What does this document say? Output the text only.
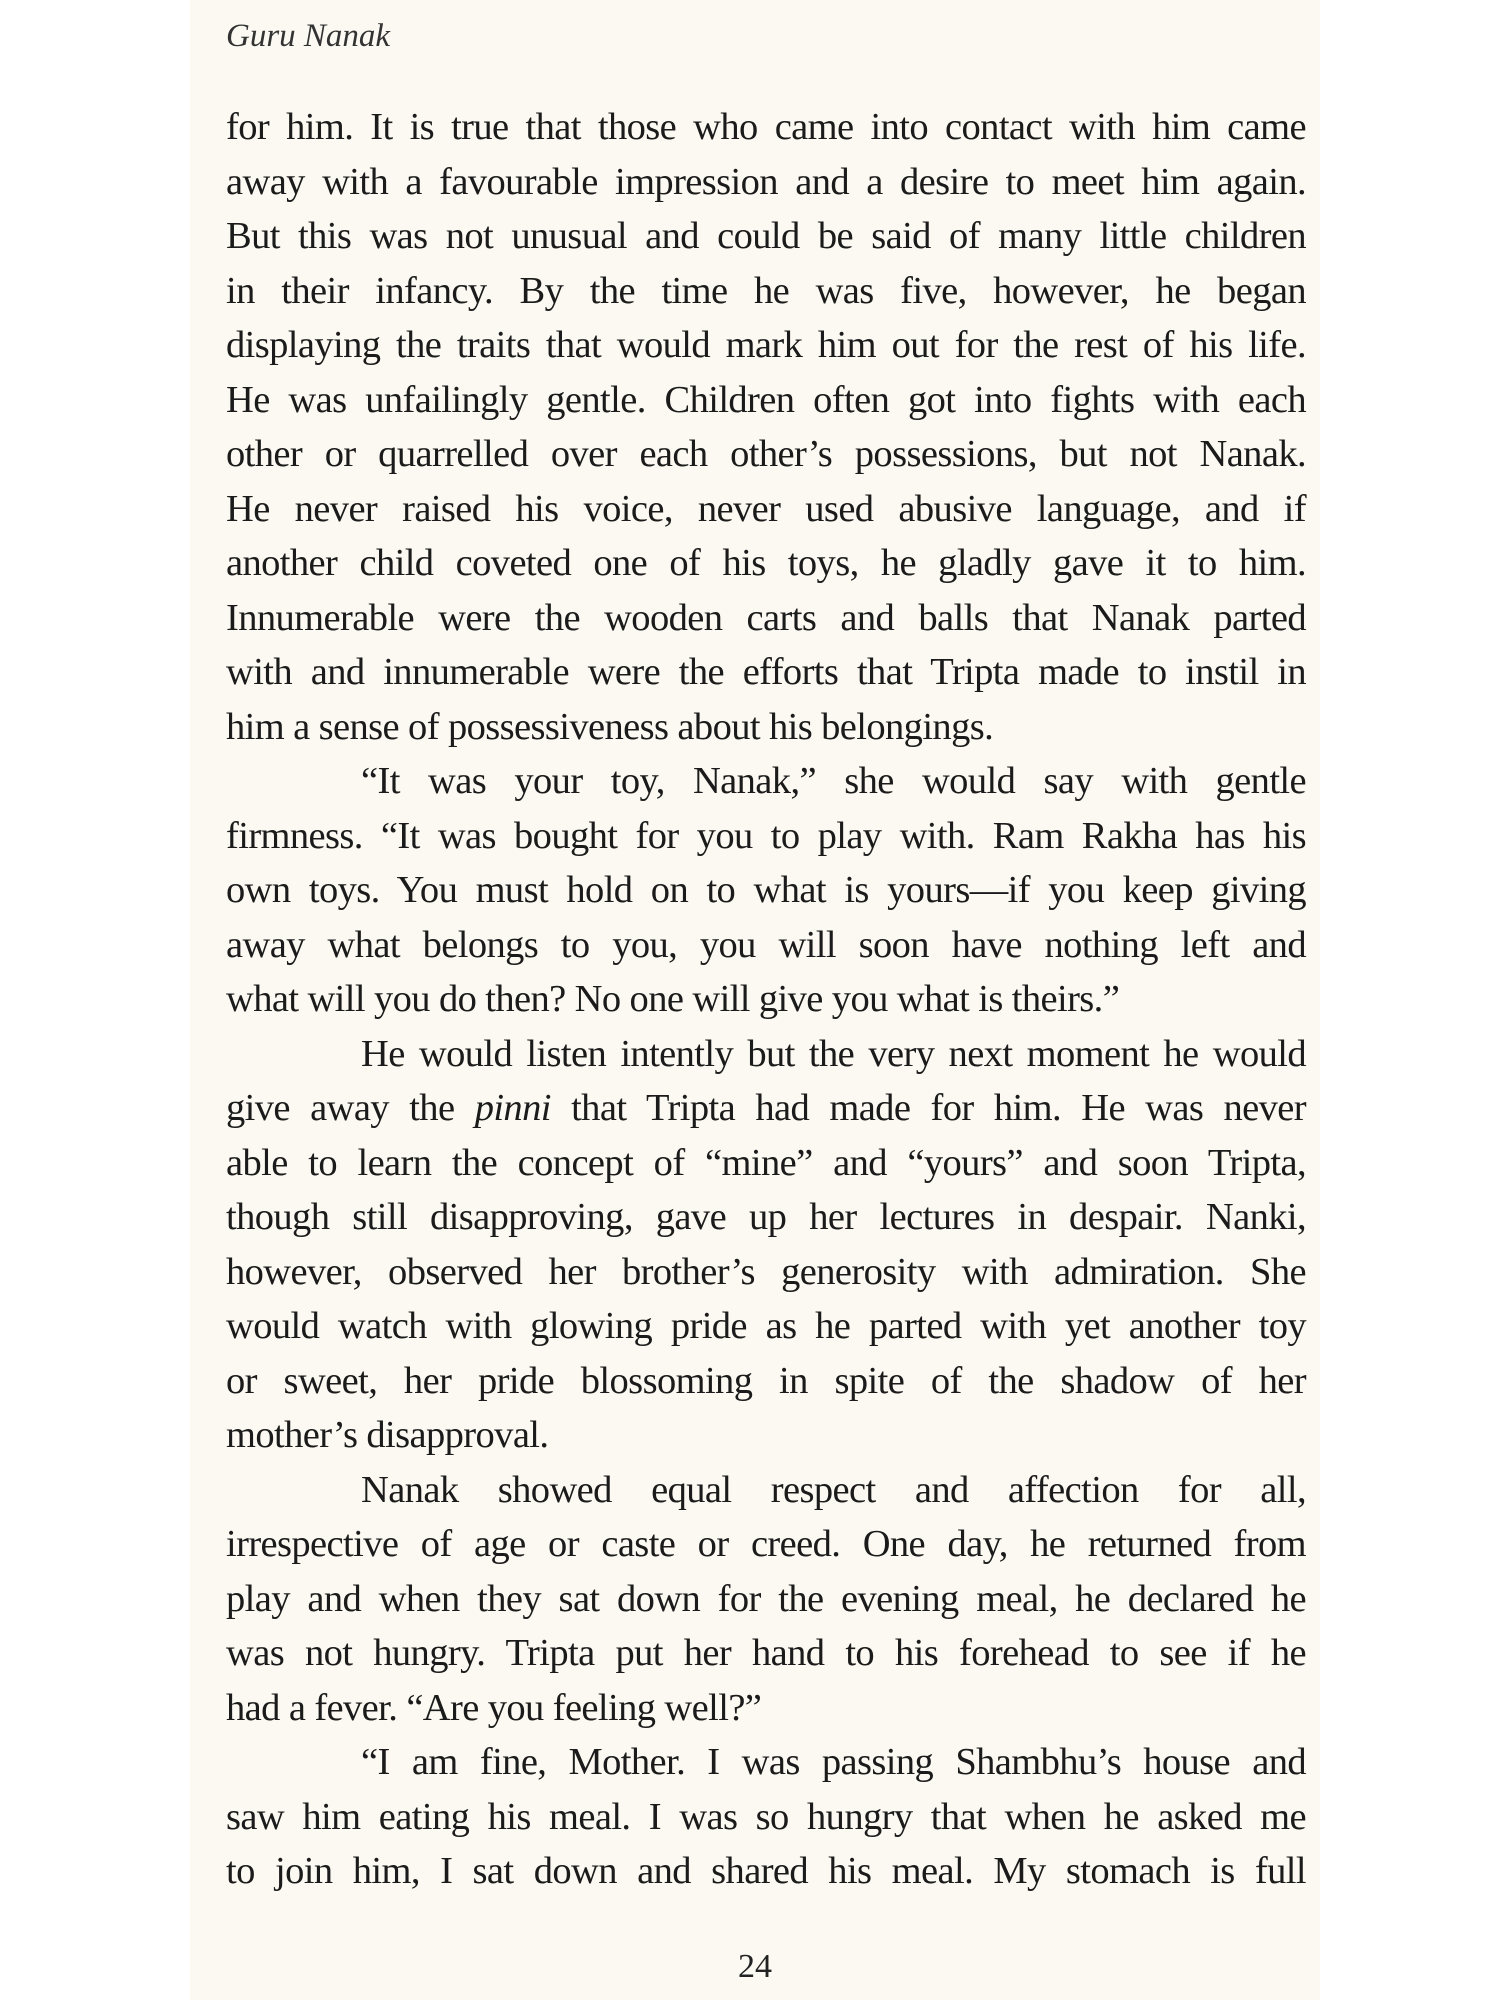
Guru Nanak
for him. It is true that those who came into contact with him came
away with a favourable impression and a desire to meet him again.
But this was not unusual and could be said of many little children
in their infancy. By the time he was five, however, he began
displaying the traits that would mark him out for the rest of his life.
He was unfailingly gentle. Children often got into fights with each
other or quarrelled over each other’s possessions, but not Nanak.
He never raised his voice, never used abusive language, and if
another child coveted one of his toys, he gladly gave it to him.
Innumerable were the wooden carts and balls that Nanak parted
with and innumerable were the efforts that Tripta made to instil in
him a sense of possessiveness about his belongings.
“It was your toy, Nanak,” she would say with gentle
firmness. “It was bought for you to play with. Ram Rakha has his
own toys. You must hold on to what is yours—if you keep giving
away what belongs to you, you will soon have nothing left and
what will you do then? No one will give you what is theirs.”
He would listen intently but the very next moment he would
give away the pinni that Tripta had made for him. He was never
able to learn the concept of “mine” and “yours” and soon Tripta,
though still disapproving, gave up her lectures in despair. Nanki,
however, observed her brother’s generosity with admiration. She
would watch with glowing pride as he parted with yet another toy
or sweet, her pride blossoming in spite of the shadow of her
mother’s disapproval.
Nanak showed equal respect and affection for all,
irrespective of age or caste or creed. One day, he returned from
play and when they sat down for the evening meal, he declared he
was not hungry. Tripta put her hand to his forehead to see if he
had a fever. “Are you feeling well?”
“I am fine, Mother. I was passing Shambhu’s house and
saw him eating his meal. I was so hungry that when he asked me
to join him, I sat down and shared his meal. My stomach is full
24
